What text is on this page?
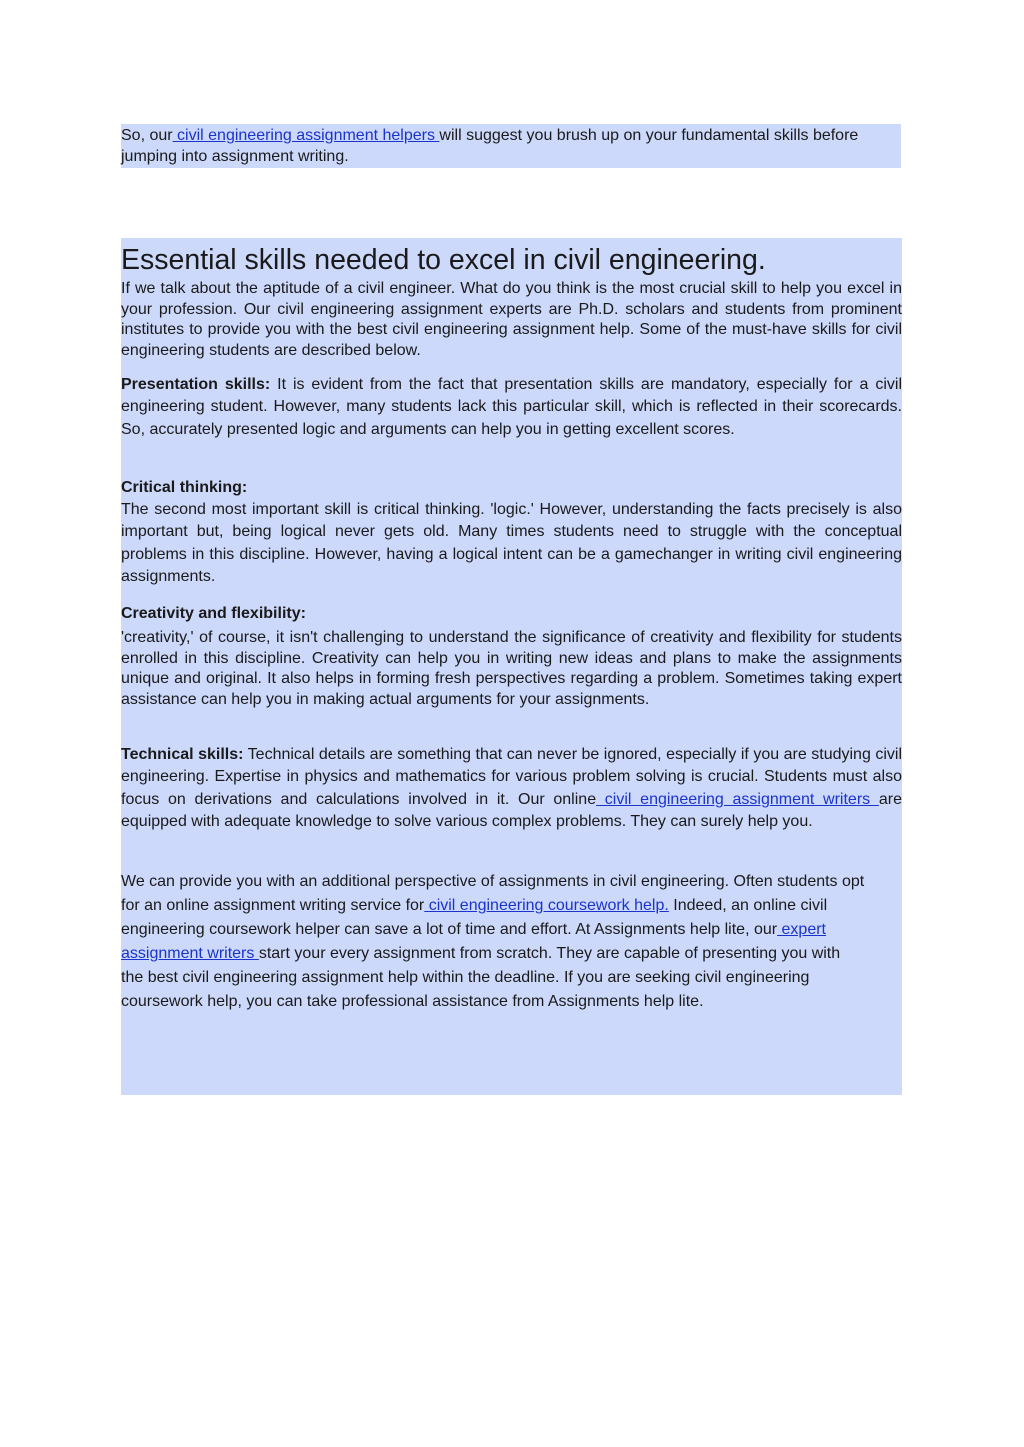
So, our civil engineering assignment helpers will suggest you brush up on your fundamental skills before jumping into assignment writing.
Essential skills needed to excel in civil engineering.

If we talk about the aptitude of a civil engineer. What do you think is the most crucial skill to help you excel in your profession. Our civil engineering assignment experts are Ph.D. scholars and students from prominent institutes to provide you with the best civil engineering assignment help. Some of the must-have skills for civil engineering students are described below.

Presentation skills: It is evident from the fact that presentation skills are mandatory, especially for a civil engineering student. However, many students lack this particular skill, which is reflected in their scorecards. So, accurately presented logic and arguments can help you in getting excellent scores.

Critical thinking:

The second most important skill is critical thinking. 'logic.' However, understanding the facts precisely is also important but, being logical never gets old. Many times students need to struggle with the conceptual problems in this discipline. However, having a logical intent can be a gamechanger in writing civil engineering assignments.

Creativity and flexibility:

'creativity,' of course, it isn't challenging to understand the significance of creativity and flexibility for students enrolled in this discipline. Creativity can help you in writing new ideas and plans to make the assignments unique and original. It also helps in forming fresh perspectives regarding a problem. Sometimes taking expert assistance can help you in making actual arguments for your assignments.

Technical skills: Technical details are something that can never be ignored, especially if you are studying civil engineering. Expertise in physics and mathematics for various problem solving is crucial. Students must also focus on derivations and calculations involved in it. Our online civil engineering assignment writers are equipped with adequate knowledge to solve various complex problems. They can surely help you.

We can provide you with an additional perspective of assignments in civil engineering. Often students opt for an online assignment writing service for civil engineering coursework help. Indeed, an online civil engineering coursework helper can save a lot of time and effort. At Assignments help lite, our expert assignment writers start your every assignment from scratch. They are capable of presenting you with the best civil engineering assignment help within the deadline. If you are seeking civil engineering coursework help, you can take professional assistance from Assignments help lite.
